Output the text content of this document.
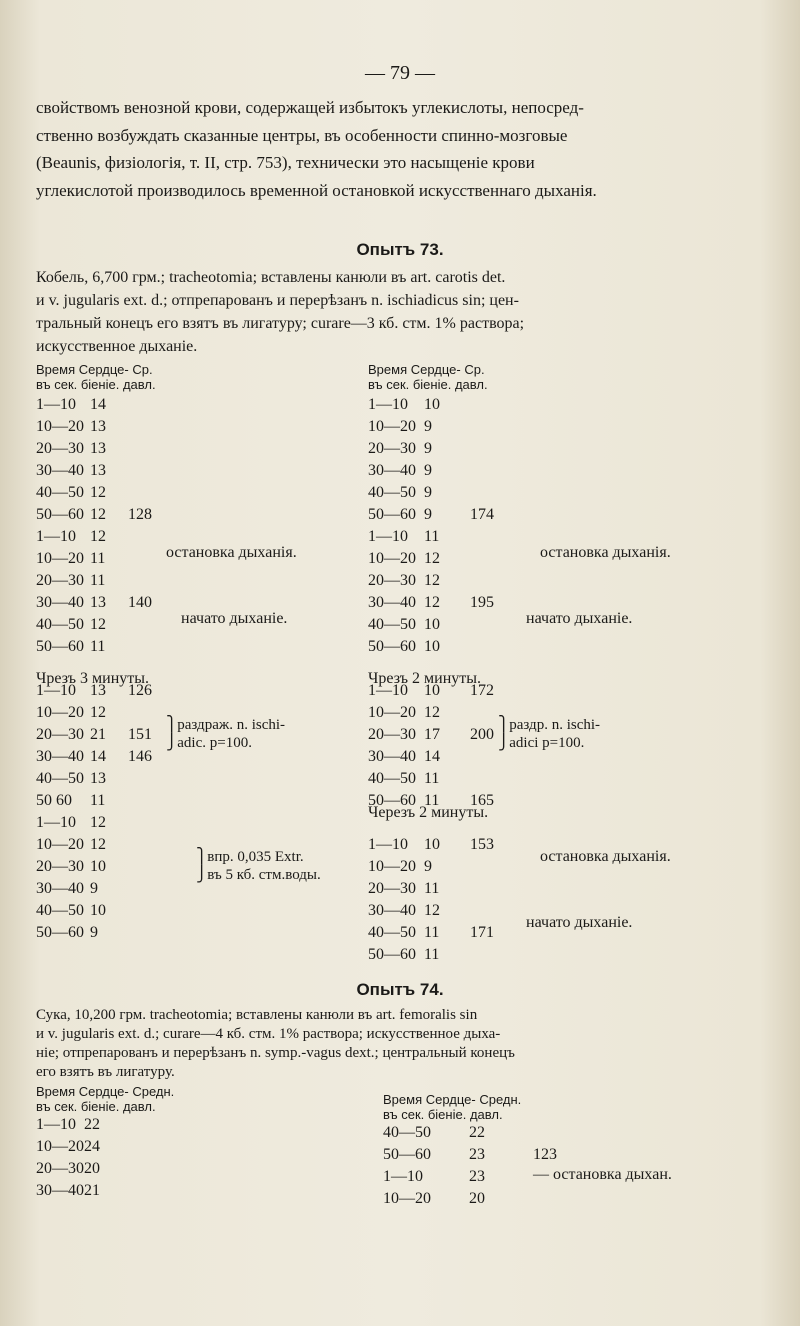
— 79 —
свойствомъ венозной крови, содержащей избытокъ углекислоты, непосред-
ственно возбуждать сказанные центры, въ особенности спинно-мозговые
(Beaunis, физіологія, т. II, стр. 753), технически это насыщеніе крови
углекислотой производилось временной остановкой искусственнаго дыханія.
Опытъ 73.
Кобель, 6,700 грм.; tracheotomia; вставлены канюли въ art. carotis det.
и v. jugularis ext. d.; отпрепарованъ и перерѣзанъ n. ischiadicus sin; цен-
тральный конецъ его взятъ въ лигатуру; curare—3 кб. стм. 1% раствора;
искусственное дыханіе.
Время Сердце- Ср.
въ сек. біеніе. давл.
остановка дыханія.
начато дыханіе.
Чрезъ 3 минуты.
⎫раздраж. n. ischi-
⎭adic. p=100.
⎫впр. 0,035 Extr.
⎭въ 5 кб. стм.воды.
1—10 14
10—20 13
20—30 13
30—40 13
40—50 12
50—60 12 128
1—10 12
10—20 11
20—30 11
30—40 13 140
40—50 12
50—60 11
1—10 13 126
10—20 12
20—30 21 151
30—40 14 146
40—50 13
50 60 11
1—10 12
10—20 12
20—30 10
30—40 9
40—50 10
50—60 9
Время Сердце- Ср.
въ сек. біеніе. давл.
остановка дыханія.
начато дыханіе.
Чрезъ 2 минуты.
⎫раздр. n. ischi-
⎭adici p=100.
Черезъ 2 минуты.
остановка дыханія.
начато дыханіе.
1—10 10
10—20 9
20—30 9
30—40 9
40—50 9
50—60 9 174
1—10 11
10—20 12
20—30 12
30—40 12 195
40—50 10
50—60 10
1—10 10 172
10—20 12
20—30 17 200
30—40 14
40—50 11
50—60 11 165
1—10 10 153
10—20 9
20—30 11
30—40 12
40—50 11 171
50—60 11
Опытъ 74.
Сука, 10,200 грм. tracheotomia; вставлены канюли въ art. femoralis sin
и v. jugularis ext. d.; curare—4 кб. стм. 1% раствора; искусственное дыха-
ніе; отпрепарованъ и перерѣзанъ n. symp.-vagus dext.; центральный конецъ
его взятъ въ лигатуру.
Время Сердце- Средн.
въ сек. біеніе. давл.
1—10 22
10—20 24
20—30 20
30—40 21
Время Сердце- Средн.
въ сек. біеніе. давл.
— остановка дыхан.
40—50 22
50—60 23	123
1—10	23
10—20 20
